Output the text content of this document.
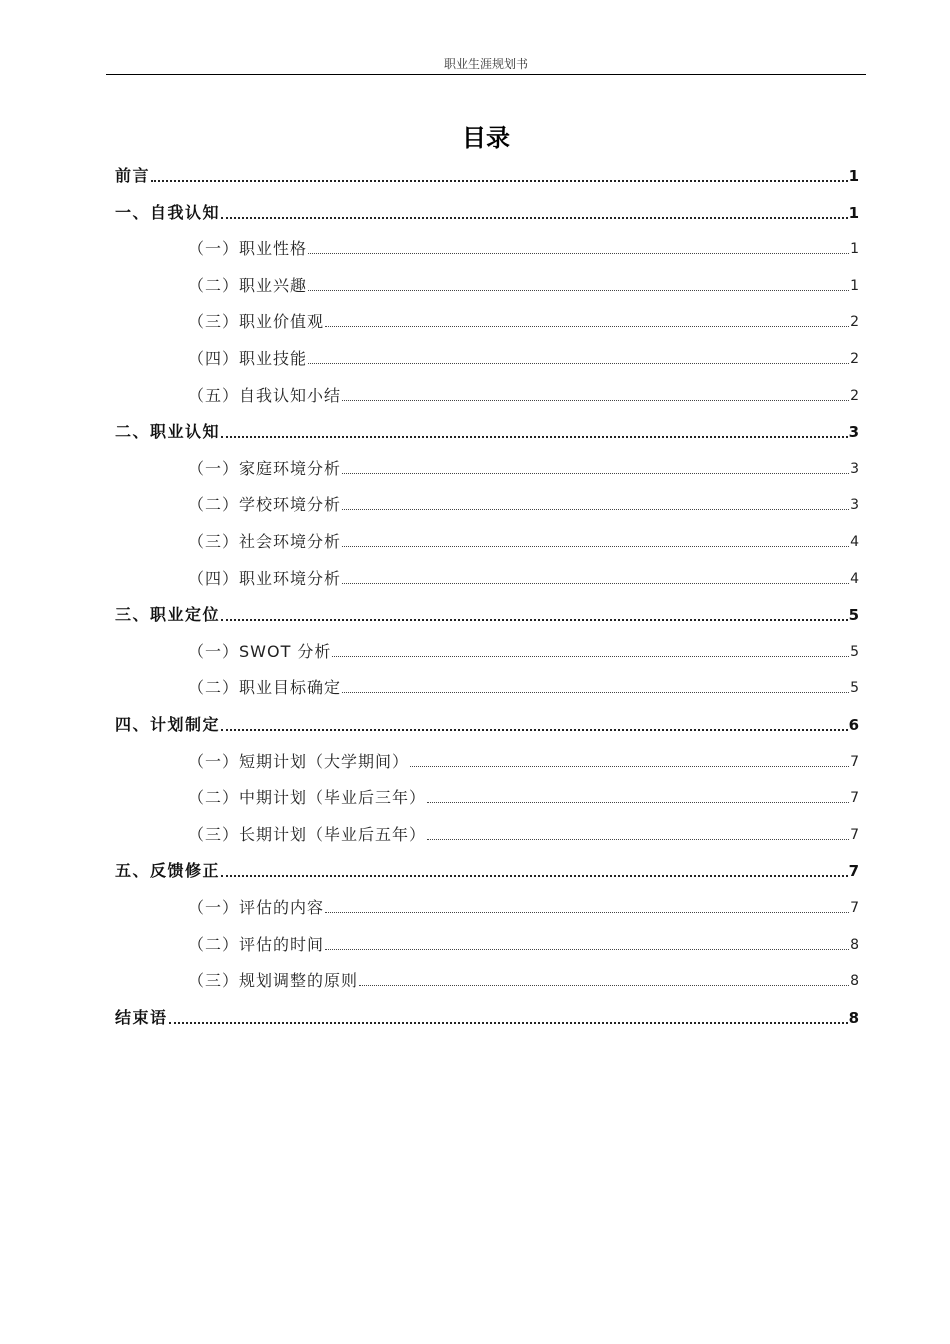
职业生涯规划书
目录
前言	1
一、自我认知	1
（一）职业性格	1
（二）职业兴趣	1
（三）职业价值观	2
（四）职业技能	2
（五）自我认知小结	2
二、职业认知	3
（一）家庭环境分析	3
（二）学校环境分析	3
（三）社会环境分析	4
（四）职业环境分析	4
三、职业定位	5
（一）SWOT 分析	5
（二）职业目标确定	5
四、计划制定	6
（一）短期计划（大学期间）	7
（二）中期计划（毕业后三年）	7
（三）长期计划（毕业后五年）	7
五、反馈修正	7
（一）评估的内容	7
（二）评估的时间	8
（三）规划调整的原则	8
结束语	8
